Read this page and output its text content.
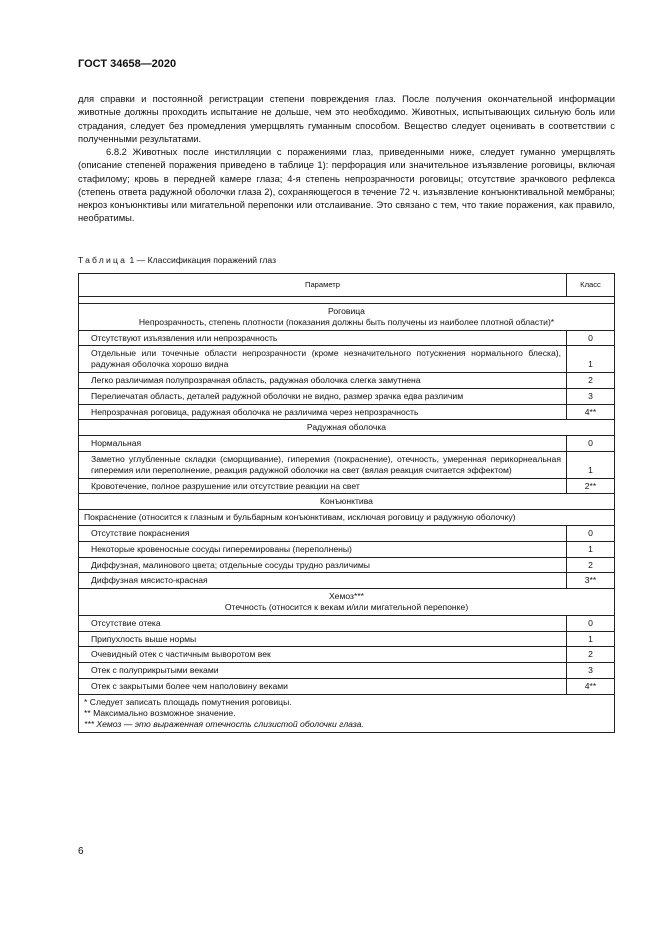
ГОСТ 34658—2020

для справки и постоянной регистрации степени повреждения глаз. После получения окончательной информации животные должны проходить испытание не дольше, чем это необходимо. Животных, испытывающих сильную боль или страдания, следует без промедления умерщвлять гуманным способом. Вещество следует оценивать в соответствии с полученными результатами.

6.8.2 Животных после инстилляции с поражениями глаз, приведенными ниже, следует гуманно умерщвлять (описание степеней поражения приведено в таблице 1): перфорация или значительное изъязвление роговицы, включая стафилому; кровь в передней камере глаза; 4-я степень непрозрачности роговицы; отсутствие зрачкового рефлекса (степень ответа радужной оболочки глаза 2), сохраняющегося в течение 72 ч. изъязвление конъюнктивальной мембраны; некроз конъюнктивы или мигательной перепонки или отслаивание. Это связано с тем, что такие поражения, как правило, необратимы.

Таблица 1 — Классификация поражений глаз
Параметр	Класс

Роговица
Непрозрачность, степень плотности (показания должны быть получены из наиболее плотной области)*	

Отсутствуют изъязвления или непрозрачность	0
Отдельные или точечные области непрозрачности (кроме незначительного потускнения нормального блеска), радужная оболочка хорошо видна	1
Легко различимая полупрозрачная область, радужная оболочка слегка замутнена	2
Перелиечатая область, деталей радужной оболочки не видно, размер зрачка едва различим	3
Непрозрачная роговица, радужная оболочка не различима через непрозрачность	4**

Радужная оболочка	

Нормальная	0
Заметно углубленные складки (сморщивание), гиперемия (покраснение), отечность, умеренная перикорнеальная гиперемия или переполнение, реакция радужной оболочки на свет (вялая реакция считается эффектом)	1
Кровотечение, полное разрушение или отсутствие реакции на свет	2**

Конъюнктива	

Покраснение (относится к глазным и бульбарным конъюнктивам, исключая роговицу и радужную оболочку)	
Отсутствие покраснения	0
Некоторые кровеносные сосуды гиперемированы (переполнены)	1
Диффузная, малинового цвета; отдельные сосуды трудно различимы	2
Диффузная мясисто-красная	3**

Хемоз***
Отечность (относится к векам и/или мигательной перепонке)	

Отсутствие отека	0
Припухлость выше нормы	1
Очевидный отек с частичным выворотом век	2
Отек с полуприкрытыми веками	3
Отек с закрытыми более чем наполовину веками	4**

* Следует записать площадь помутнения роговицы.
** Максимально возможное значение.
*** Хемоз — это выраженная отечность слизистой оболочки глаза.	
6
